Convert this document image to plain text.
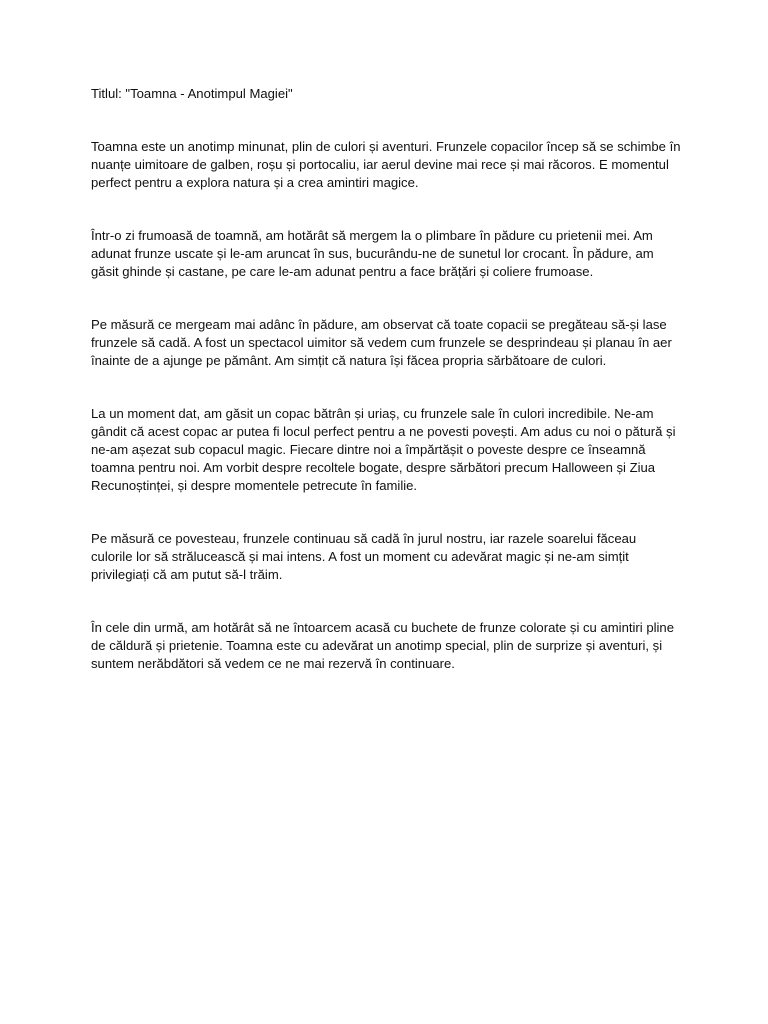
Titlul: "Toamna - Anotimpul Magiei"

Toamna este un anotimp minunat, plin de culori și aventuri. Frunzele copacilor încep să se schimbe în nuanțe uimitoare de galben, roșu și portocaliu, iar aerul devine mai rece și mai răcoros. E momentul perfect pentru a explora natura și a crea amintiri magice.

Într-o zi frumoasă de toamnă, am hotărât să mergem la o plimbare în pădure cu prietenii mei. Am adunat frunze uscate și le-am aruncat în sus, bucurându-ne de sunetul lor crocant. În pădure, am găsit ghinde și castane, pe care le-am adunat pentru a face brățări și coliere frumoase.

Pe măsură ce mergeam mai adânc în pădure, am observat că toate copacii se pregăteau să-și lase frunzele să cadă. A fost un spectacol uimitor să vedem cum frunzele se desprindeau și planau în aer înainte de a ajunge pe pământ. Am simțit că natura își făcea propria sărbătoare de culori.

La un moment dat, am găsit un copac bătrân și uriaș, cu frunzele sale în culori incredibile. Ne-am gândit că acest copac ar putea fi locul perfect pentru a ne povesti povești. Am adus cu noi o pătură și ne-am așezat sub copacul magic. Fiecare dintre noi a împărtășit o poveste despre ce înseamnă toamna pentru noi. Am vorbit despre recoltele bogate, despre sărbători precum Halloween și Ziua Recunoștinței, și despre momentele petrecute în familie.

Pe măsură ce povesteau, frunzele continuau să cadă în jurul nostru, iar razele soarelui făceau culorile lor să strălucească și mai intens. A fost un moment cu adevărat magic și ne-am simțit privilegiați că am putut să-l trăim.

În cele din urmă, am hotărât să ne întoarcem acasă cu buchete de frunze colorate și cu amintiri pline de căldură și prietenie. Toamna este cu adevărat un anotimp special, plin de surprize și aventuri, și suntem nerăbdători să vedem ce ne mai rezervă în continuare.
